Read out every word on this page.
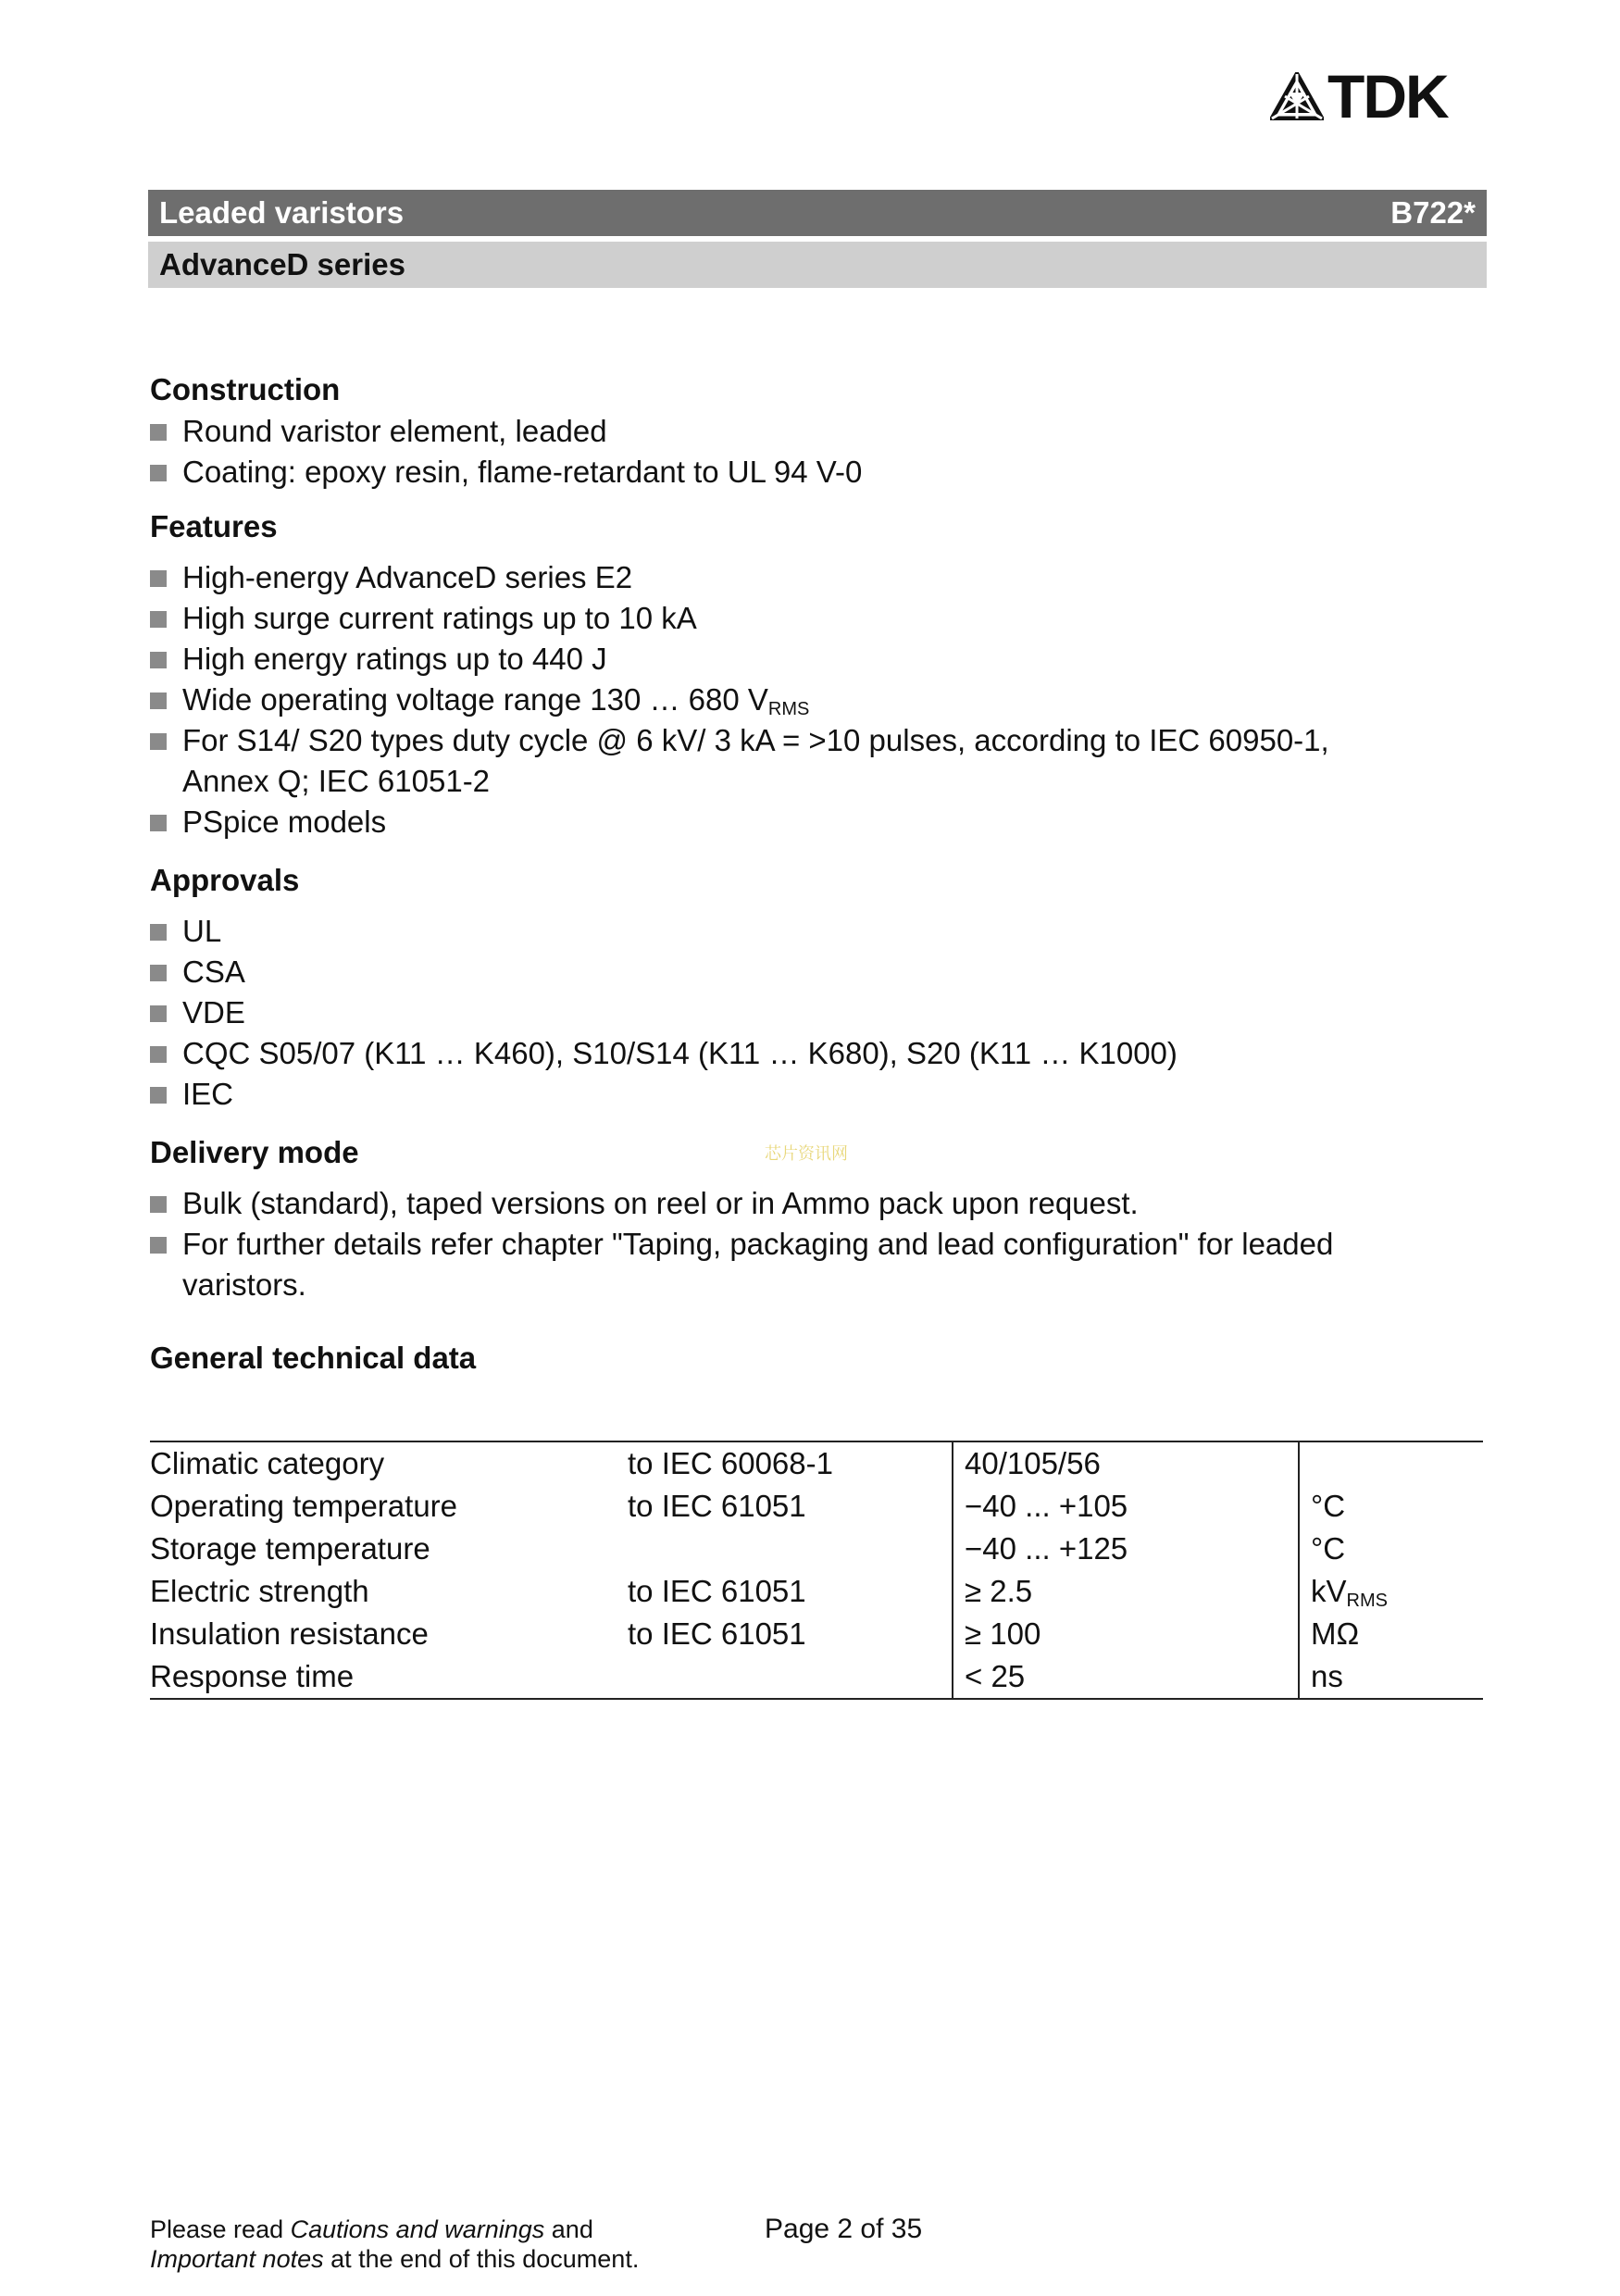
TDK
Leaded varistors	B722*
AdvanceD series

Construction

Round varistor element, leaded
Coating: epoxy resin, flame-retardant to UL 94 V-0

Features

High-energy AdvanceD series E2
High surge current ratings up to 10 kA
High energy ratings up to 440 J
Wide operating voltage range 130 … 680 $V_{RMS}$
For S14/ S20 types duty cycle @ 6 kV/ 3 kA = >10 pulses, according to IEC 60950-1,
Annex Q; IEC 61051-2
PSpice models

Approvals

UL
CSA
VDE
CQC S05/07 (K11 … K460), S10/S14 (K11 … K680), S20 (K11 … K1000)
IEC

Delivery mode

Bulk (standard), taped versions on reel or in Ammo pack upon request.
For further details refer chapter "Taping, packaging and lead configuration" for leaded
varistors.

General technical data

芯片资讯网
Climatic category	to IEC 60068-1	40/105/56	
Operating temperature	to IEC 61051	−40 ... +105	°C
Storage temperature		−40 ... +125	°C
Electric strength	to IEC 61051	≥ 2.5	$kV_{RMS}$
Insulation resistance	to IEC 61051	≥ 100	MΩ
Response time		< 25	ns
Please read Cautions and warnings and
Important notes at the end of this document.
Page 2 of 35
